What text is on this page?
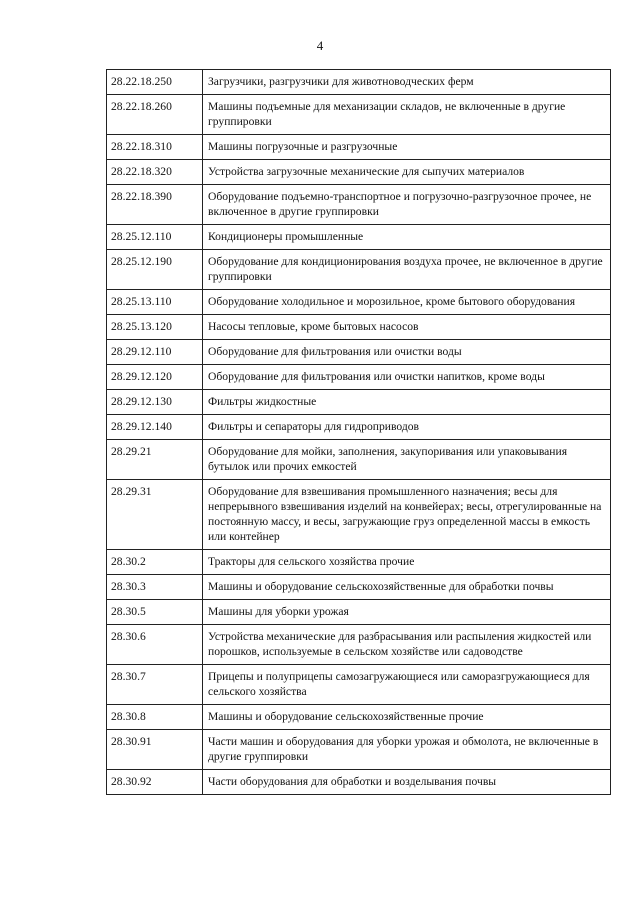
4
28.22.18.250	Загрузчики, разгрузчики для животноводческих ферм
28.22.18.260	Машины подъемные для механизации складов, не включенные в другие группировки
28.22.18.310	Машины погрузочные и разгрузочные
28.22.18.320	Устройства загрузочные механические для сыпучих материалов
28.22.18.390	Оборудование подъемно-транспортное и погрузочно-разгрузочное прочее, не включенное в другие группировки
28.25.12.110	Кондиционеры промышленные
28.25.12.190	Оборудование для кондиционирования воздуха прочее, не включенное в другие группировки
28.25.13.110	Оборудование холодильное и морозильное, кроме бытового оборудования
28.25.13.120	Насосы тепловые, кроме бытовых насосов
28.29.12.110	Оборудование для фильтрования или очистки воды
28.29.12.120	Оборудование для фильтрования или очистки напитков, кроме воды
28.29.12.130	Фильтры жидкостные
28.29.12.140	Фильтры и сепараторы для гидроприводов
28.29.21	Оборудование для мойки, заполнения, закупоривания или упаковывания бутылок или прочих емкостей
28.29.31	Оборудование для взвешивания промышленного назначения; весы для непрерывного взвешивания изделий на конвейерах; весы, отрегулированные на постоянную массу, и весы, загружающие груз определенной массы в емкость или контейнер
28.30.2	Тракторы для сельского хозяйства прочие
28.30.3	Машины и оборудование сельскохозяйственные для обработки почвы
28.30.5	Машины для уборки урожая
28.30.6	Устройства механические для разбрасывания или распыления жидкостей или порошков, используемые в сельском хозяйстве или садоводстве
28.30.7	Прицепы и полуприцепы самозагружающиеся или саморазгружающиеся для сельского хозяйства
28.30.8	Машины и оборудование сельскохозяйственные прочие
28.30.91	Части машин и оборудования для уборки урожая и обмолота, не включенные в другие группировки
28.30.92	Части оборудования для обработки и возделывания почвы
